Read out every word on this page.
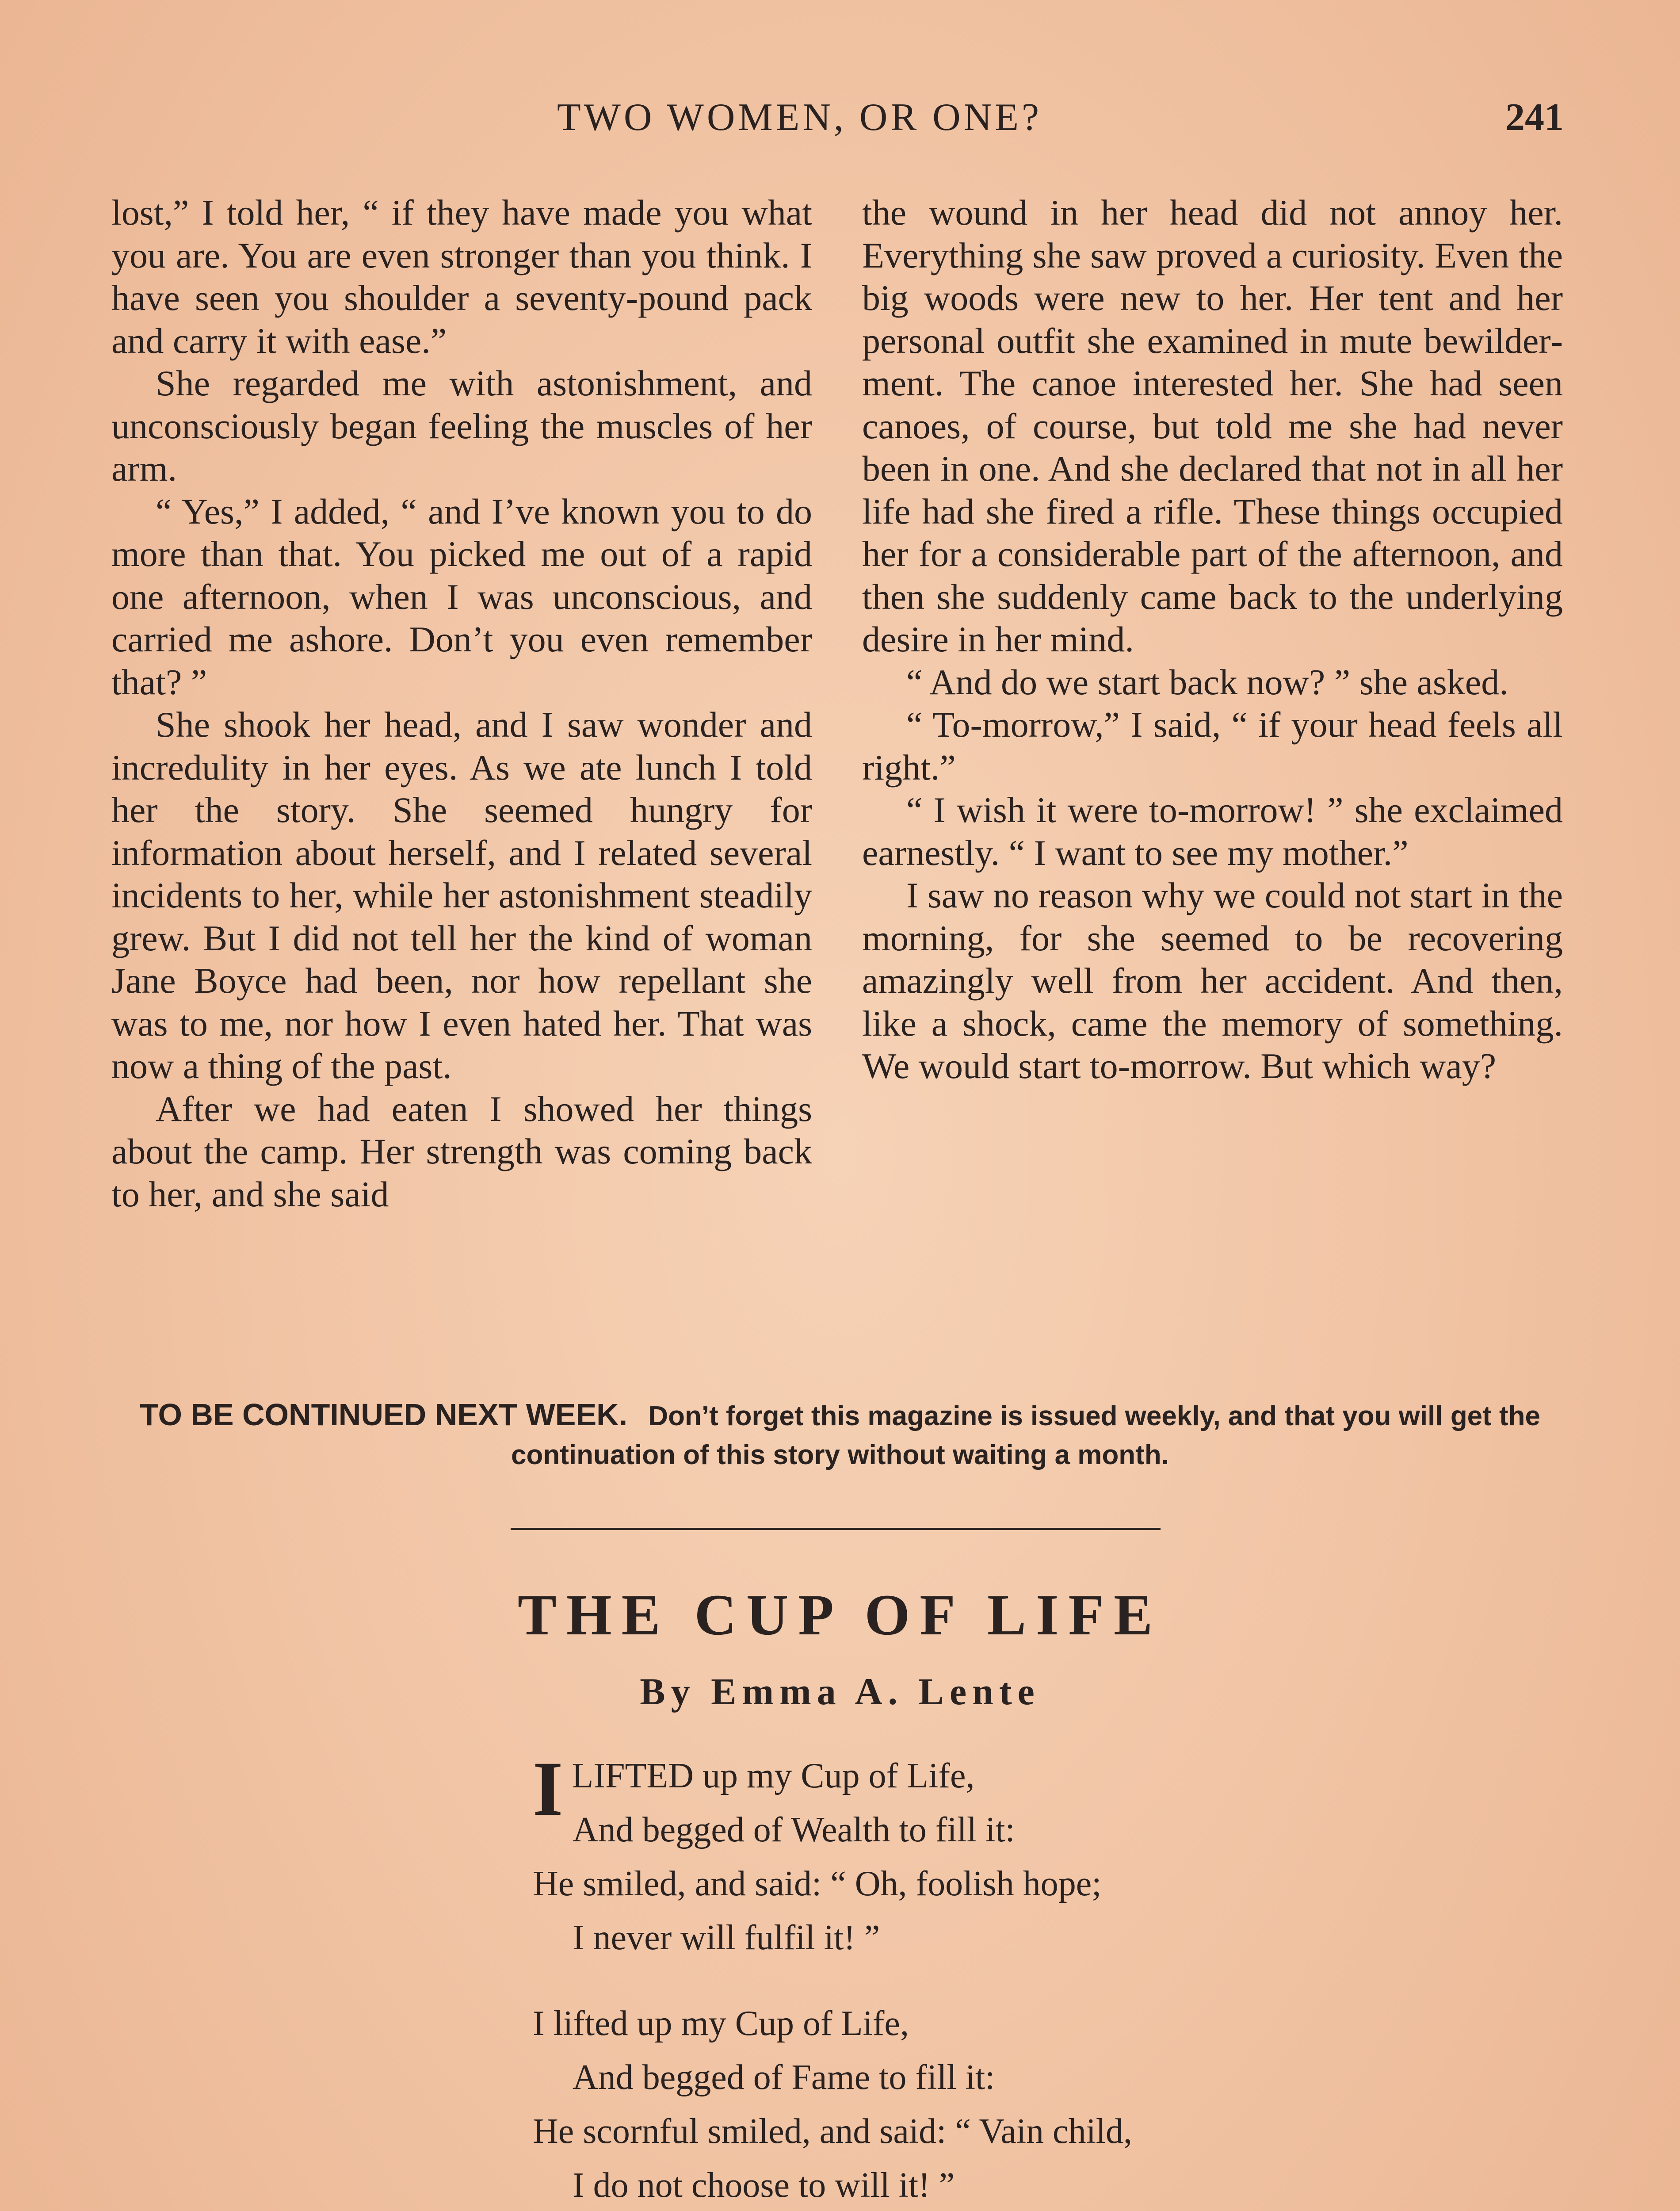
TWO WOMEN, OR ONE?	241

lost,” I told her, “ if they have made you what you are. You are even stronger than you think. I have seen you shoulder a seventy-pound pack and carry it with ease.”

She regarded me with astonishment, and unconsciously began feeling the muscles of her arm.

“ Yes,” I added, “ and I’ve known you to do more than that. You picked me out of a rapid one afternoon, when I was unconscious, and carried me ashore. Don’t you even remember that? ”

She shook her head, and I saw wonder and incredulity in her eyes. As we ate lunch I told her the story. She seemed hungry for information about herself, and I related several incidents to her, while her astonishment steadily grew. But I did not tell her the kind of woman Jane Boyce had been, nor how repellant she was to me, nor how I even hated her. That was now a thing of the past.

After we had eaten I showed her things about the camp. Her strength was coming back to her, and she said

the wound in her head did not annoy her. Everything she saw proved a curiosity. Even the big woods were new to her. Her tent and her personal outfit she examined in mute bewilderment. The canoe interested her. She had seen canoes, of course, but told me she had never been in one. And she declared that not in all her life had she fired a rifle. These things occupied her for a considerable part of the afternoon, and then she suddenly came back to the underlying desire in her mind.

“ And do we start back now? ” she asked.

“ To-morrow,” I said, “ if your head feels all right.”

“ I wish it were to-morrow! ” she exclaimed earnestly. “ I want to see my mother.”

I saw no reason why we could not start in the morning, for she seemed to be recovering amazingly well from her accident. And then, like a shock, came the memory of something. We would start to-morrow. But which way?

TO BE CONTINUED NEXT WEEK. Don’t forget this magazine is issued weekly, and that you will get the continuation of this story without waiting a month.
THE CUP OF LIFE
By Emma A. Lente
ILIFTED up my Cup of Life,
And begged of Wealth to fill it:
He smiled, and said: “ Oh, foolish hope;
I never will fulfil it! ”
I lifted up my Cup of Life,
And begged of Fame to fill it:
He scornful smiled, and said: “ Vain child,
I do not choose to will it! ”
